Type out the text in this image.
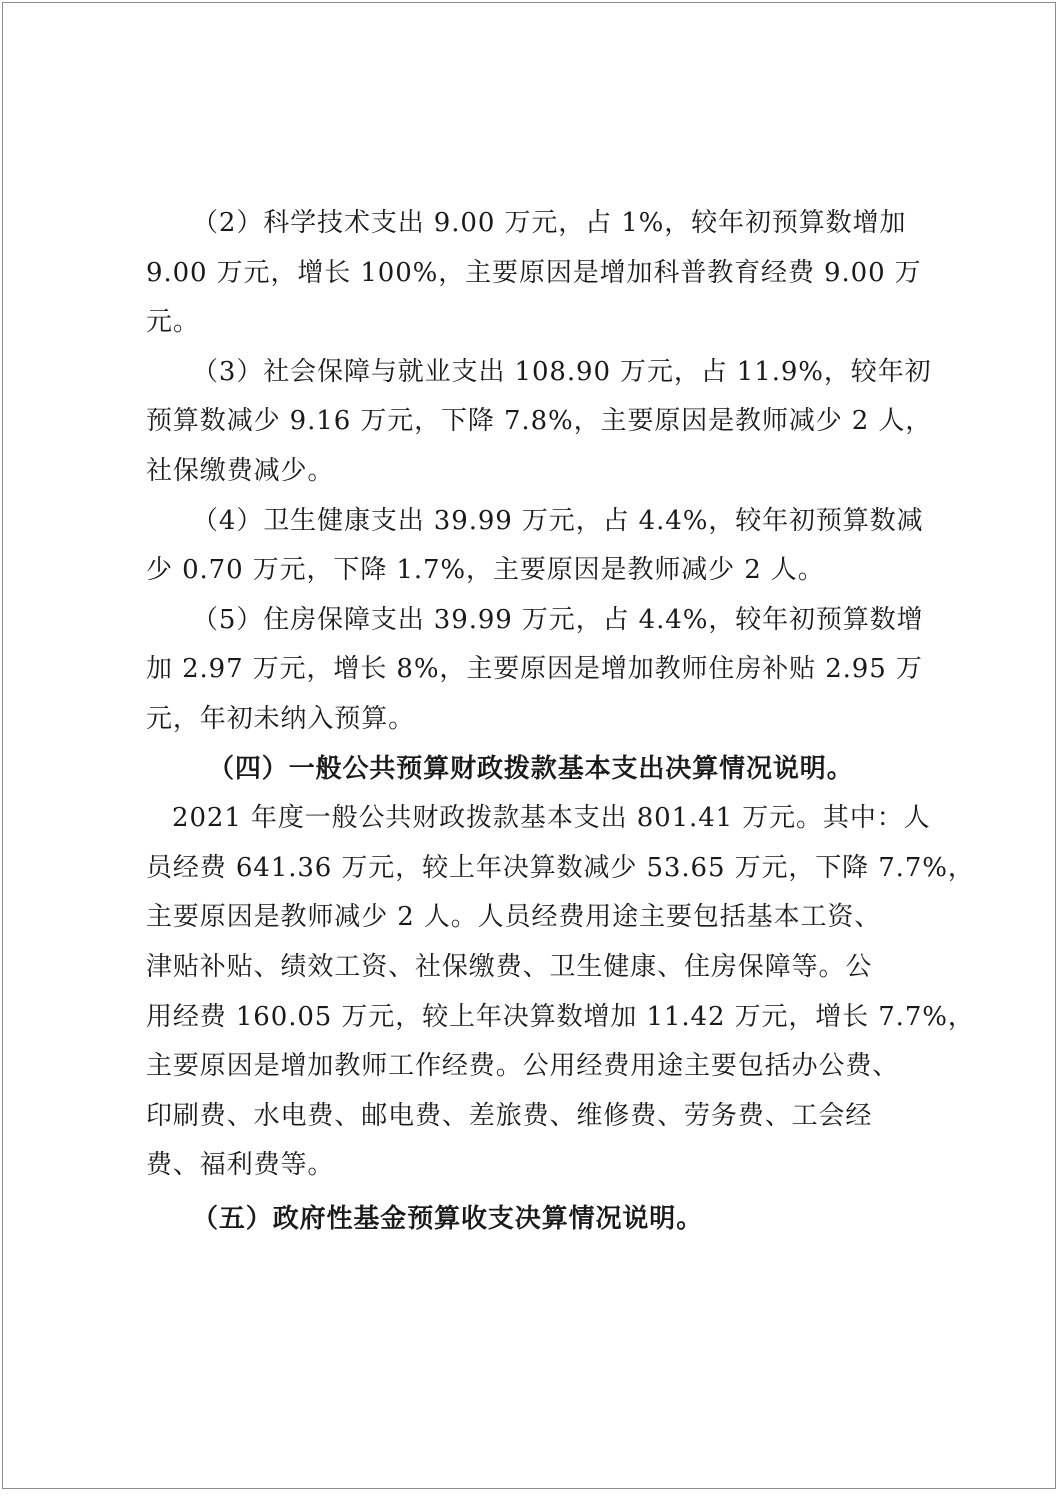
（2）科学技术支出 9.00 万元，占 1%，较年初预算数增加
9.00 万元，增长 100%，主要原因是增加科普教育经费 9.00 万
元。

（3）社会保障与就业支出 108.90 万元，占 11.9%，较年初
预算数减少 9.16 万元，下降 7.8%，主要原因是教师减少 2 人，
社保缴费减少。

（4）卫生健康支出 39.99 万元，占 4.4%，较年初预算数减
少 0.70 万元，下降 1.7%，主要原因是教师减少 2 人。

（5）住房保障支出 39.99 万元，占 4.4%，较年初预算数增
加 2.97 万元，增长 8%，主要原因是增加教师住房补贴 2.95 万
元，年初未纳入预算。

（四）一般公共预算财政拨款基本支出决算情况说明。

2021 年度一般公共财政拨款基本支出 801.41 万元。其中：人
员经费 641.36 万元，较上年决算数减少 53.65 万元，下降 7.7%，
主要原因是教师减少 2 人。人员经费用途主要包括基本工资、
津贴补贴、绩效工资、社保缴费、卫生健康、住房保障等。公
用经费 160.05 万元，较上年决算数增加 11.42 万元，增长 7.7%，
主要原因是增加教师工作经费。公用经费用途主要包括办公费、
印刷费、水电费、邮电费、差旅费、维修费、劳务费、工会经
费、福利费等。

（五）政府性基金预算收支决算情况说明。
